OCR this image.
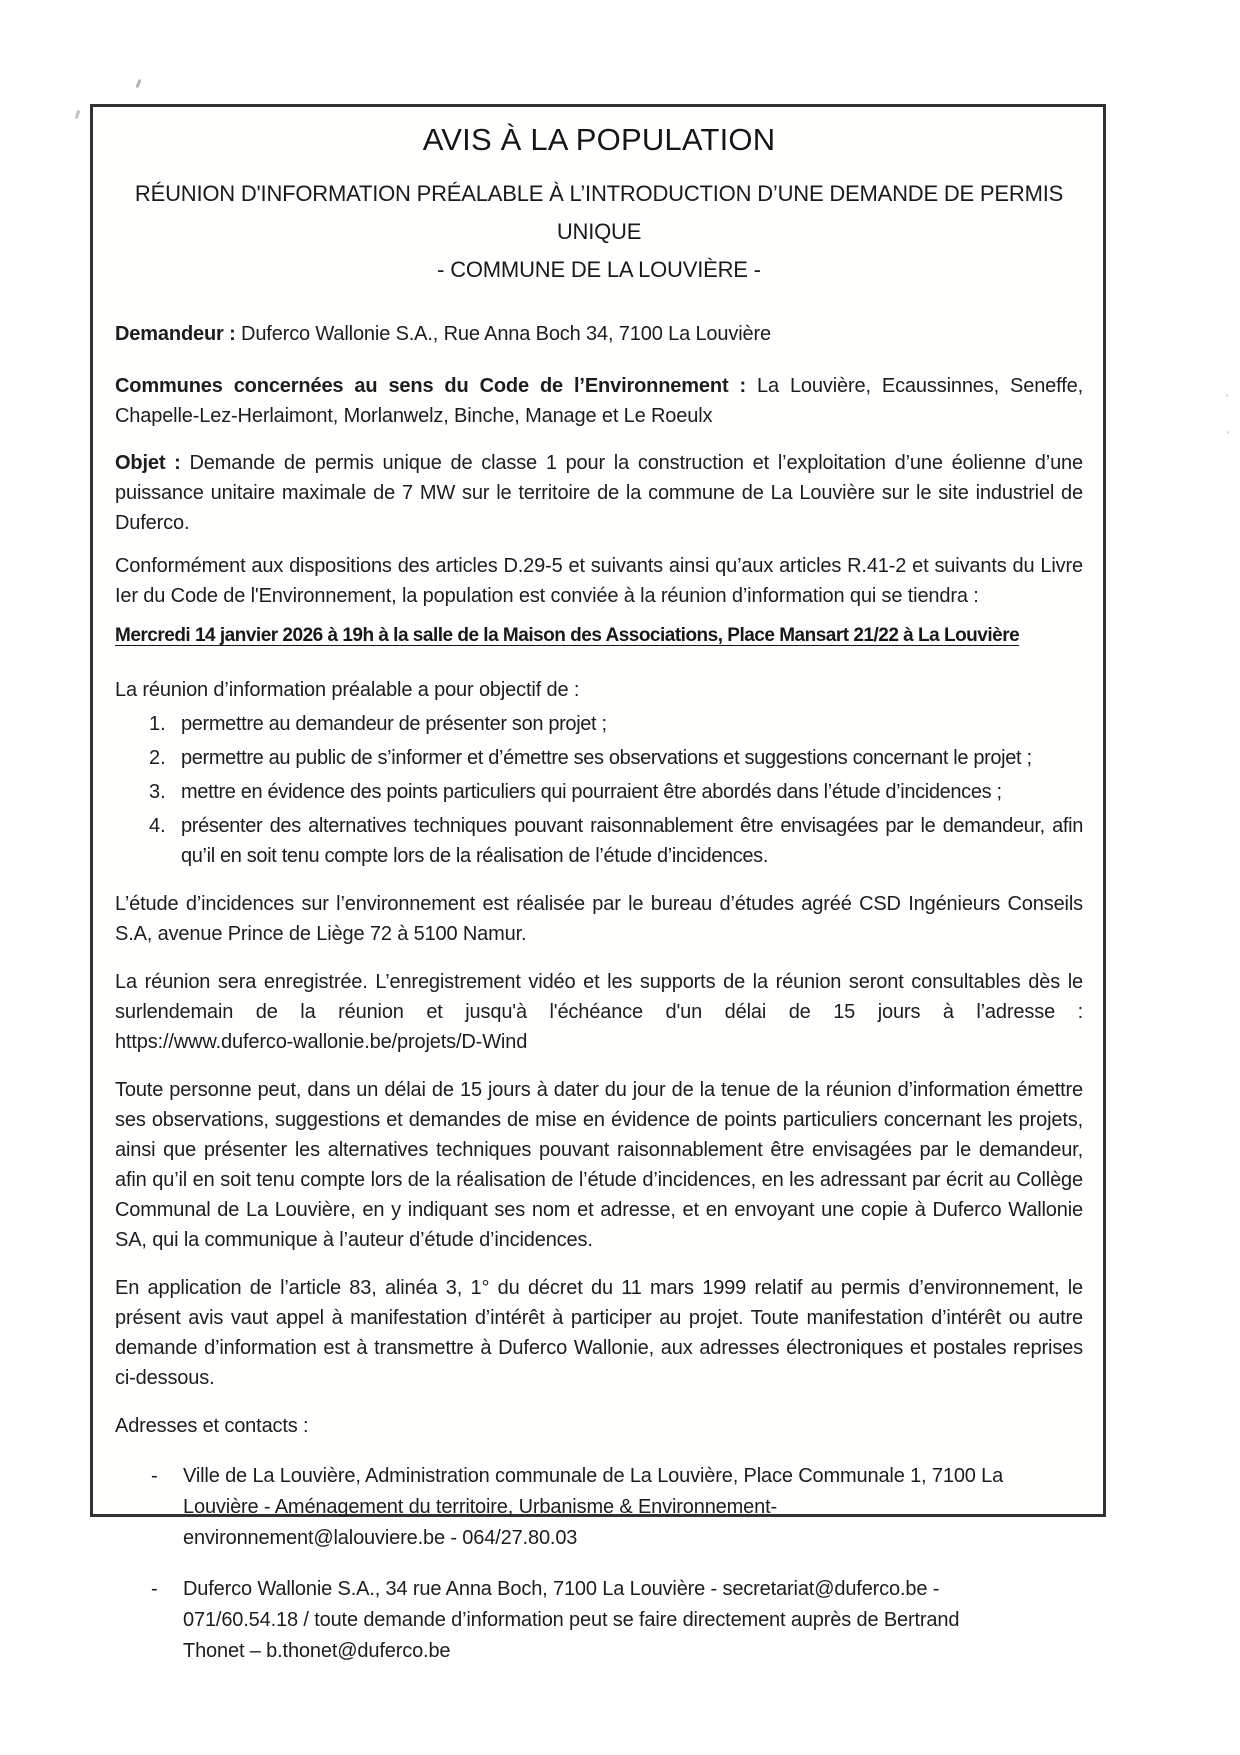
AVIS À LA POPULATION
RÉUNION D'INFORMATION PRÉALABLE À L’INTRODUCTION D’UNE DEMANDE DE PERMIS UNIQUE
- COMMUNE DE LA LOUVIÈRE -

Demandeur : Duferco Wallonie S.A., Rue Anna Boch 34, 7100 La Louvière

Communes concernées au sens du Code de l’Environnement : La Louvière, Ecaussinnes, Seneffe, Chapelle-Lez-Herlaimont, Morlanwelz, Binche, Manage et Le Roeulx

Objet : Demande de permis unique de classe 1 pour la construction et l’exploitation d’une éolienne d’une puissance unitaire maximale de 7 MW sur le territoire de la commune de La Louvière sur le site industriel de Duferco.

Conformément aux dispositions des articles D.29-5 et suivants ainsi qu’aux articles R.41-2 et suivants du Livre Ier du Code de l'Environnement, la population est conviée à la réunion d’information qui se tiendra :

Mercredi 14 janvier 2026 à 19h à la salle de la Maison des Associations, Place Mansart 21/22 à La Louvière

La réunion d’information préalable a pour objectif de :

1. permettre au demandeur de présenter son projet ;
2. permettre au public de s’informer et d’émettre ses observations et suggestions concernant le projet ;
3. mettre en évidence des points particuliers qui pourraient être abordés dans l’étude d’incidences ;
4. présenter des alternatives techniques pouvant raisonnablement être envisagées par le demandeur, afin qu’il en soit tenu compte lors de la réalisation de l’étude d’incidences.

L’étude d’incidences sur l’environnement est réalisée par le bureau d’études agréé CSD Ingénieurs Conseils S.A, avenue Prince de Liège 72 à 5100 Namur.

La réunion sera enregistrée. L’enregistrement vidéo et les supports de la réunion seront consultables dès le surlendemain de la réunion et jusqu'à l'échéance d'un délai de 15 jours à l’adresse :

https://www.duferco-wallonie.be/projets/D-Wind

Toute personne peut, dans un délai de 15 jours à dater du jour de la tenue de la réunion d’information émettre ses observations, suggestions et demandes de mise en évidence de points particuliers concernant les projets, ainsi que présenter les alternatives techniques pouvant raisonnablement être envisagées par le demandeur, afin qu’il en soit tenu compte lors de la réalisation de l’étude d’incidences, en les adressant par écrit au Collège Communal de La Louvière, en y indiquant ses nom et adresse, et en envoyant une copie à Duferco Wallonie SA, qui la communique à l’auteur d’étude d’incidences.

En application de l’article 83, alinéa 3, 1° du décret du 11 mars 1999 relatif au permis d’environnement, le présent avis vaut appel à manifestation d’intérêt à participer au projet. Toute manifestation d’intérêt ou autre demande d’information est à transmettre à Duferco Wallonie, aux adresses électroniques et postales reprises ci-dessous.

Adresses et contacts :

-	Ville de La Louvière, Administration communale de La Louvière, Place Communale 1, 7100 La
Louvière - Aménagement du territoire, Urbanisme & Environnement-
environnement@lalouviere.be - 064/27.80.03
-	Duferco Wallonie S.A., 34 rue Anna Boch, 7100 La Louvière - secretariat@duferco.be -
071/60.54.18 / toute demande d’information peut se faire directement auprès de Bertrand
Thonet – b.thonet@duferco.be
